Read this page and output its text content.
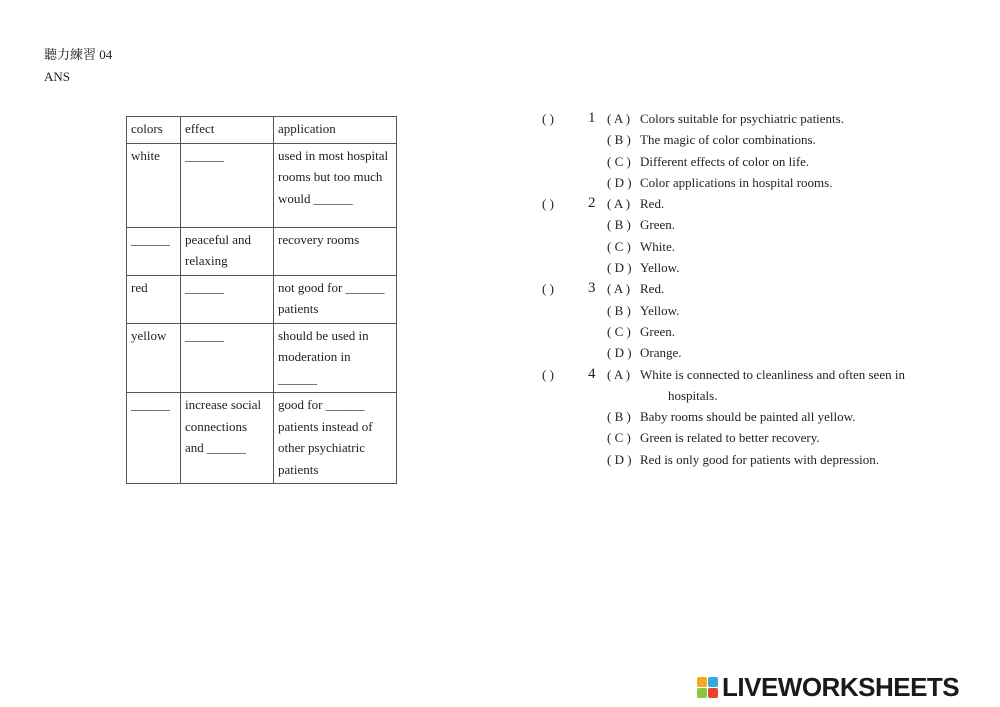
聽力練習 04
ANS
colors	effect	application
white	______	used in most hospital rooms but too much would ______
______	peaceful and relaxing	recovery rooms
red	______	not good for ______ patients
yellow	______	should be used in moderation in ______
______	increase social connections and ______	good for ______ patients instead of other psychiatric patients
( )	1 ( A ) Colors suitable for psychiatric patients.
( B ) The magic of color combinations.
( C ) Different effects of color on life.
( D ) Color applications in hospital rooms.
( )	2 ( A ) Red.
( B ) Green.
( C ) White.
( D ) Yellow.
( )	3 ( A ) Red.
( B ) Yellow.
( C ) Green.
( D ) Orange.
( )	4 ( A ) White is connected to cleanliness and often seen in
hospitals.
( B ) Baby rooms should be painted all yellow.
( C ) Green is related to better recovery.
( D ) Red is only good for patients with depression.
LIVEWORKSHEETS
